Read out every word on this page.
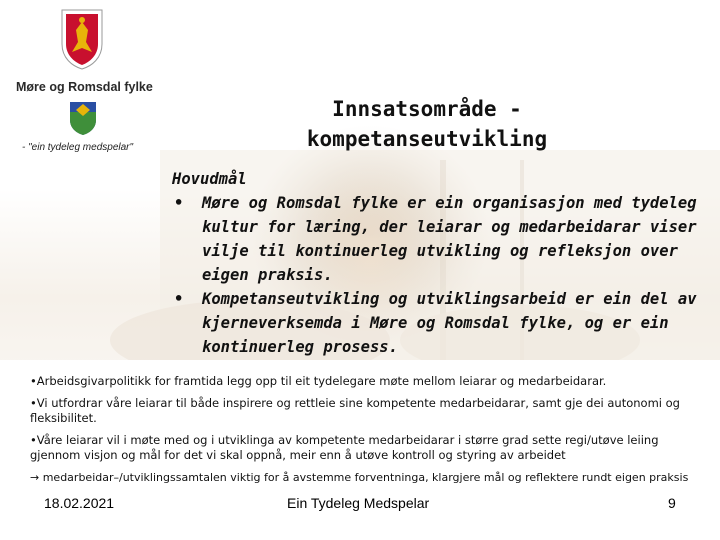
Møre og Romsdal fylke
- "ein tydeleg medspelar"
Innsatsområde -
kompetanseutvikling
Hovudmål
• Møre og Romsdal fylke er ein organisasjon med tydeleg kultur for læring, der leiarar og medarbeidarar viser vilje til kontinuerleg utvikling og refleksjon over eigen praksis.
• Kompetanseutvikling og utviklingsarbeid er ein del av kjerneverksemda i Møre og Romsdal fylke, og er ein kontinuerleg prosess.

•Arbeidsgivarpolitikk for framtida legg opp til eit tydelegare møte mellom leiarar og medarbeidarar.

•Vi utfordrar våre leiarar til både inspirere og rettleie sine kompetente medarbeidarar, samt gje dei autonomi og fleksibilitet.

•Våre leiarar vil i møte med og i utviklinga av kompetente medarbeidarar i større grad sette regi/utøve leiing gjennom visjon og mål for det vi skal oppnå, meir enn å utøve kontroll og styring av arbeidet

→ medarbeidar–/utviklingssamtalen viktig for å avstemme forventninga, klargjere mål og reflektere rundt eigen praksis

18.02.2021	Ein Tydeleg Medspelar	9
